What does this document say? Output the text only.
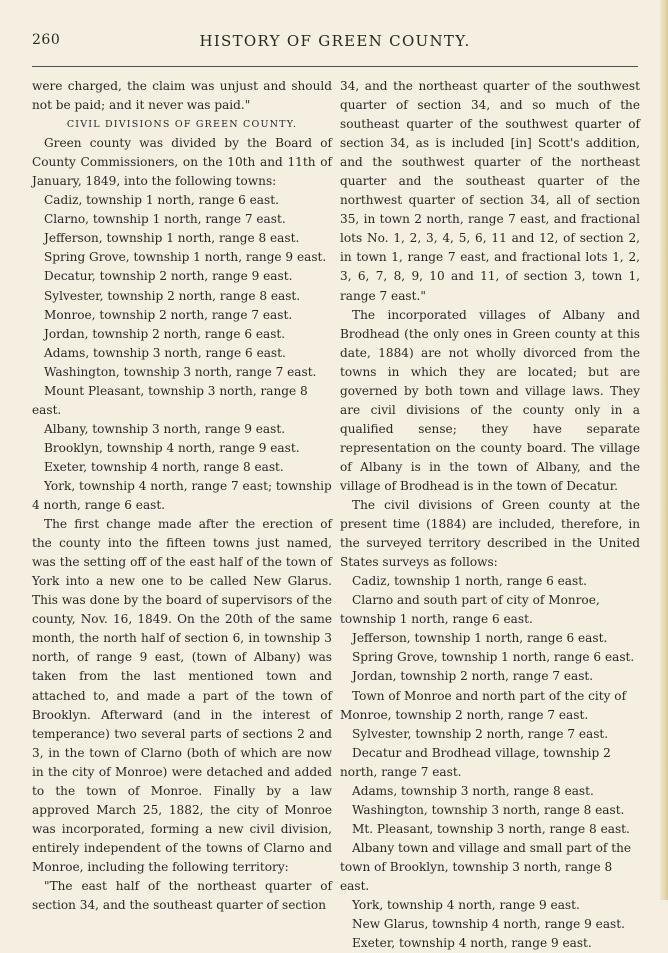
260	HISTORY OF GREEN COUNTY.

were charged, the claim was unjust and should not be paid; and it never was paid."

CIVIL DIVISIONS OF GREEN COUNTY.

Green county was divided by the Board of County Commissioners, on the 10th and 11th of January, 1849, into the following towns:

Cadiz, township 1 north, range 6 east.

Clarno, township 1 north, range 7 east.

Jefferson, township 1 north, range 8 east.

Spring Grove, township 1 north, range 9 east.

Decatur, township 2 north, range 9 east.

Sylvester, township 2 north, range 8 east.

Monroe, township 2 north, range 7 east.

Jordan, township 2 north, range 6 east.

Adams, township 3 north, range 6 east.

Washington, township 3 north, range 7 east.

Mount Pleasant, township 3 north, range 8 east.

Albany, township 3 north, range 9 east.

Brooklyn, township 4 north, range 9 east.

Exeter, township 4 north, range 8 east.

York, township 4 north, range 7 east; township 4 north, range 6 east.

The first change made after the erection of the county into the fifteen towns just named, was the setting off of the east half of the town of York into a new one to be called New Glarus. This was done by the board of supervisors of the county, Nov. 16, 1849. On the 20th of the same month, the north half of section 6, in township 3 north, of range 9 east, (town of Albany) was taken from the last mentioned town and attached to, and made a part of the town of Brooklyn. Afterward (and in the interest of temperance) two several parts of sections 2 and 3, in the town of Clarno (both of which are now in the city of Monroe) were detached and added to the town of Monroe. Finally by a law approved March 25, 1882, the city of Monroe was incorporated, forming a new civil division, entirely independent of the towns of Clarno and Monroe, including the following territory:

"The east half of the northeast quarter of section 34, and the southeast quarter of section

34, and the northeast quarter of the southwest quarter of section 34, and so much of the southeast quarter of the southwest quarter of section 34, as is included [in] Scott's addition, and the southwest quarter of the northeast quarter and the southeast quarter of the northwest quarter of section 34, all of section 35, in town 2 north, range 7 east, and fractional lots No. 1, 2, 3, 4, 5, 6, 11 and 12, of section 2, in town 1, range 7 east, and fractional lots 1, 2, 3, 6, 7, 8, 9, 10 and 11, of section 3, town 1, range 7 east."

The incorporated villages of Albany and Brodhead (the only ones in Green county at this date, 1884) are not wholly divorced from the towns in which they are located; but are governed by both town and village laws. They are civil divisions of the county only in a qualified sense; they have separate representation on the county board. The village of Albany is in the town of Albany, and the village of Brodhead is in the town of Decatur.

The civil divisions of Green county at the present time (1884) are included, therefore, in the surveyed territory described in the United States surveys as follows:

Cadiz, township 1 north, range 6 east.

Clarno and south part of city of Monroe, township 1 north, range 6 east.

Jefferson, township 1 north, range 6 east.

Spring Grove, township 1 north, range 6 east.

Jordan, township 2 north, range 7 east.

Town of Monroe and north part of the city of Monroe, township 2 north, range 7 east.

Sylvester, township 2 north, range 7 east.

Decatur and Brodhead village, township 2 north, range 7 east.

Adams, township 3 north, range 8 east.

Washington, township 3 north, range 8 east.

Mt. Pleasant, township 3 north, range 8 east.

Albany town and village and small part of the town of Brooklyn, township 3 north, range 8 east.

York, township 4 north, range 9 east.

New Glarus, township 4 north, range 9 east.

Exeter, township 4 north, range 9 east.
